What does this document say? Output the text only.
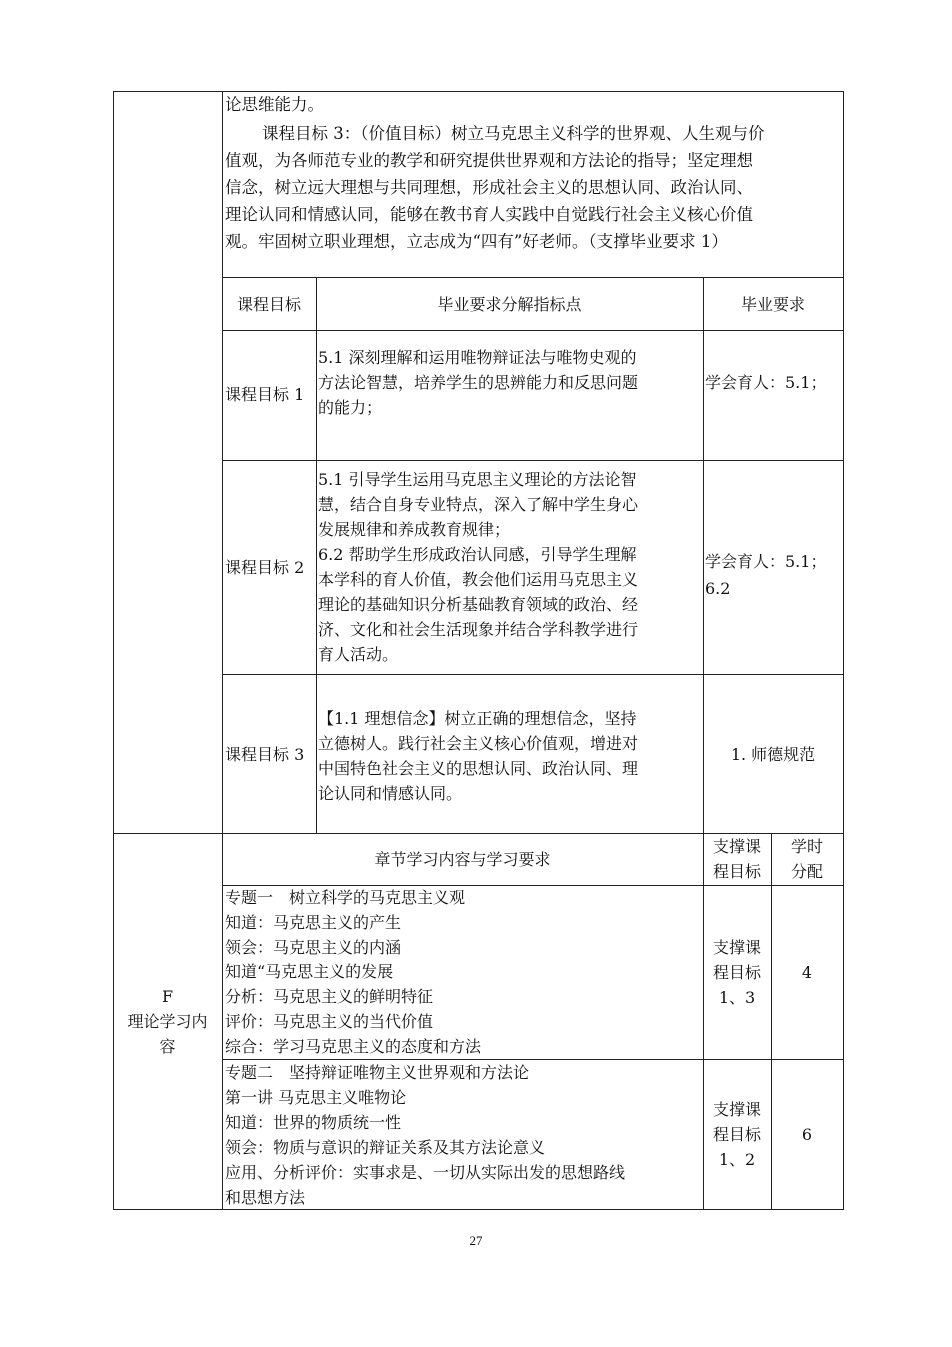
论思维能力。
课程目标 3：（价值目标）树立马克思主义科学的世界观、人生观与价
值观，为各师范专业的教学和研究提供世界观和方法论的指导；坚定理想
信念，树立远大理想与共同理想，形成社会主义的思想认同、政治认同、
理论认同和情感认同，能够在教书育人实践中自觉践行社会主义核心价值
观。牢固树立职业理想，立志成为“四有”好老师。（支撑毕业要求 1）
课程目标	毕业要求分解指标点	毕业要求
课程目标 1
5.1 深刻理解和运用唯物辩证法与唯物史观的
方法论智慧，培养学生的思辨能力和反思问题
的能力；
学会育人：5.1；
课程目标 2
5.1 引导学生运用马克思主义理论的方法论智
慧，结合自身专业特点，深入了解中学生身心
发展规律和养成教育规律；
6.2 帮助学生形成政治认同感，引导学生理解
本学科的育人价值，教会他们运用马克思主义
理论的基础知识分析基础教育领域的政治、经
济、文化和社会生活现象并结合学科教学进行
育人活动。
学会育人：5.1；
6.2
课程目标 3
【1.1 理想信念】树立正确的理想信念，坚持
立德树人。践行社会主义核心价值观，增进对
中国特色社会主义的思想认同、政治认同、理
论认同和情感认同。
1. 师德规范
F
理论学习内
容
章节学习内容与学习要求
支撑课
程目标
学时
分配
专题一　树立科学的马克思主义观
知道：马克思主义的产生
领会：马克思主义的内涵
知道“马克思主义的发展
分析：马克思主义的鲜明特征
评价：马克思主义的当代价值
综合：学习马克思主义的态度和方法
支撑课
程目标
1、3
4
专题二　坚持辩证唯物主义世界观和方法论
第一讲 马克思主义唯物论
知道：世界的物质统一性
领会：物质与意识的辩证关系及其方法论意义
应用、分析评价：实事求是、一切从实际出发的思想路线
和思想方法
支撑课
程目标
1、2
6
27
